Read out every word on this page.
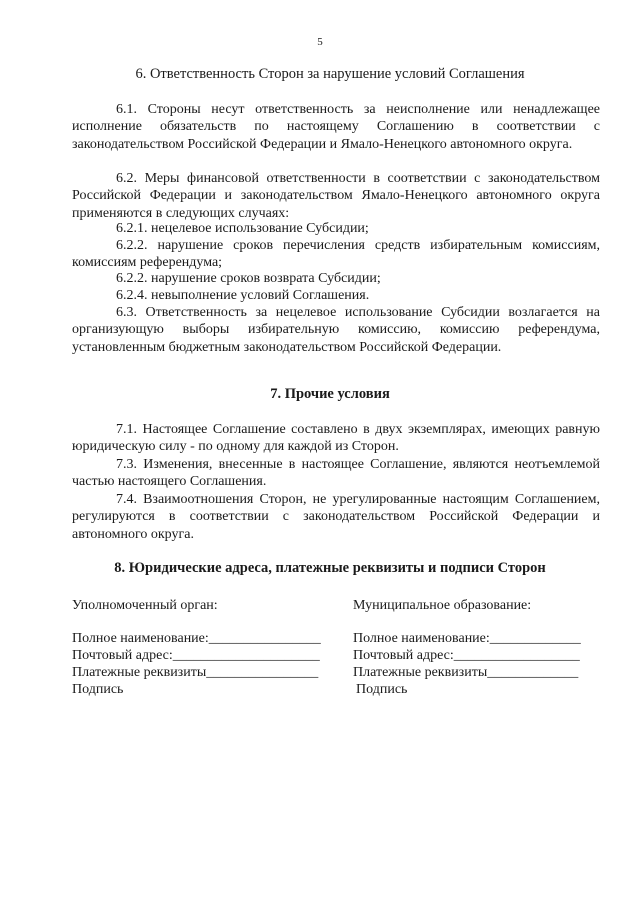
5
6. Ответственность Сторон за нарушение условий Соглашения
6.1. Стороны несут ответственность за неисполнение или ненадлежащее исполнение обязательств по настоящему Соглашению в соответствии с законодательством Российской Федерации и Ямало-Ненецкого автономного округа.
6.2. Меры финансовой ответственности в соответствии с законодательством Российской Федерации и законодательством Ямало-Ненецкого автономного округа применяются в следующих случаях:
6.2.1. нецелевое использование Субсидии;
6.2.2. нарушение сроков перечисления средств избирательным комиссиям, комиссиям референдума;
6.2.2. нарушение сроков возврата Субсидии;
6.2.4. невыполнение условий Соглашения.
6.3. Ответственность за нецелевое использование Субсидии возлагается на организующую выборы избирательную комиссию, комиссию референдума, установленным бюджетным законодательством Российской Федерации.
7. Прочие условия
7.1. Настоящее Соглашение составлено в двух экземплярах, имеющих равную юридическую силу - по одному для каждой из Сторон.
7.3. Изменения, внесенные в настоящее Соглашение, являются неотъемлемой частью настоящего Соглашения.
7.4. Взаимоотношения Сторон, не урегулированные настоящим Соглашением, регулируются в соответствии с законодательством Российской Федерации и автономного округа.
8. Юридические адреса, платежные реквизиты и подписи Сторон
Уполномоченный орган:
Полное наименование:________________
Почтовый адрес:_____________________
Платежные реквизиты________________
Подпись
Муниципальное образование:
Полное наименование:_____________
Почтовый адрес:__________________
Платежные реквизиты_____________
Подпись
